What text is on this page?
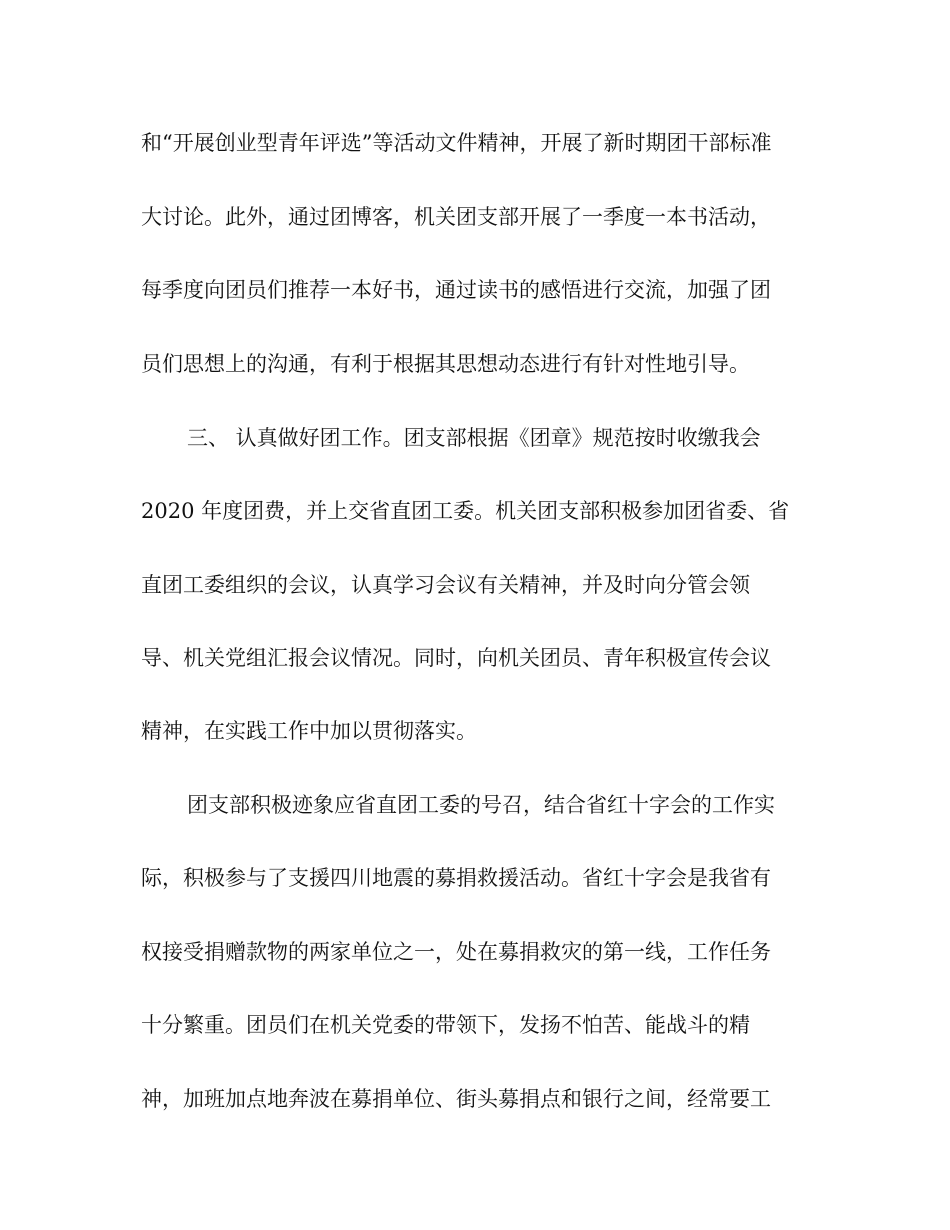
和“开展创业型青年评选”等活动文件精神，开展了新时期团干部标准
大讨论。此外，通过团博客，机关团支部开展了一季度一本书活动，
每季度向团员们推荐一本好书，通过读书的感悟进行交流，加强了团
员们思想上的沟通，有利于根据其思想动态进行有针对性地引导。
三、 认真做好团工作。团支部根据《团章》规范按时收缴我会
2020 年度团费，并上交省直团工委。机关团支部积极参加团省委、省
直团工委组织的会议，认真学习会议有关精神，并及时向分管会领
导、机关党组汇报会议情况。同时，向机关团员、青年积极宣传会议
精神，在实践工作中加以贯彻落实。
团支部积极迹象应省直团工委的号召，结合省红十字会的工作实
际，积极参与了支援四川地震的募捐救援活动。省红十字会是我省有
权接受捐赠款物的两家单位之一，处在募捐救灾的第一线，工作任务
十分繁重。团员们在机关党委的带领下，发扬不怕苦、能战斗的精
神，加班加点地奔波在募捐单位、街头募捐点和银行之间，经常要工
